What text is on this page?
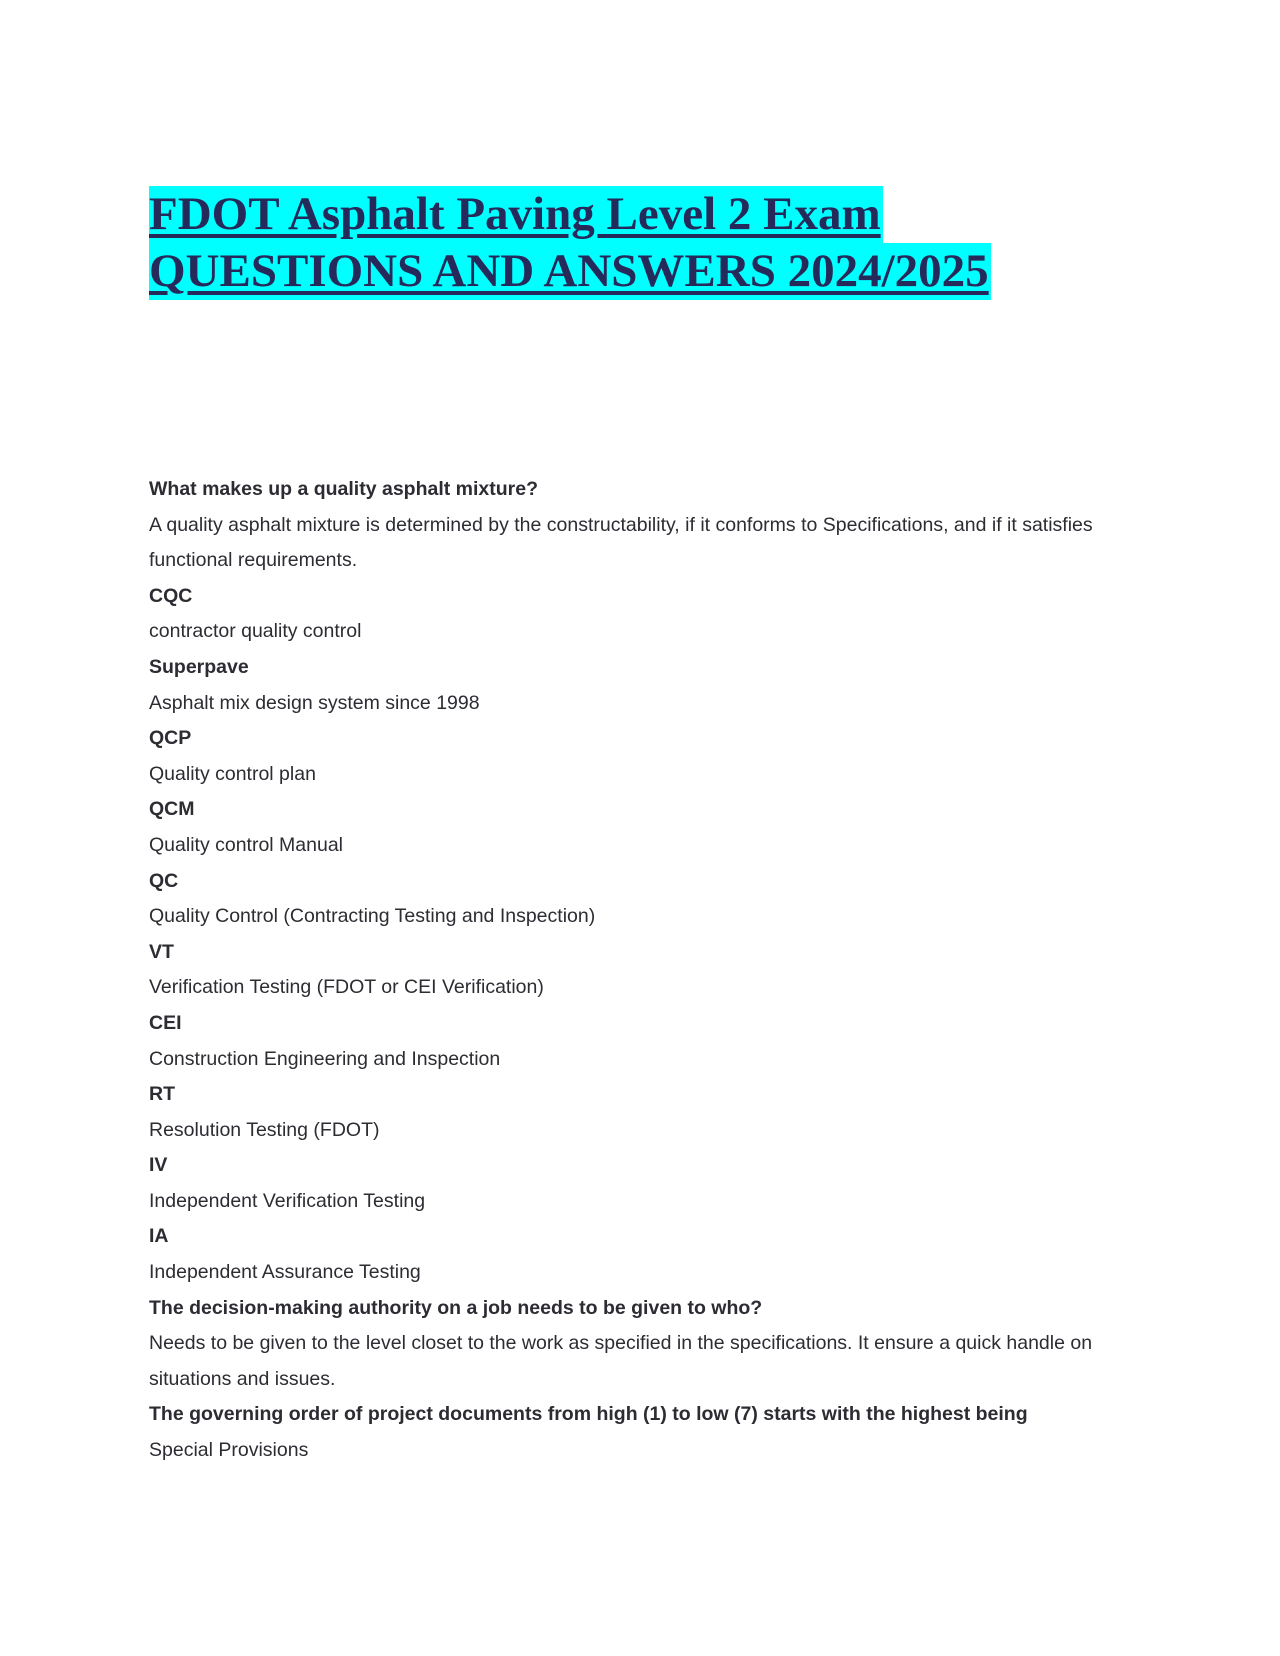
FDOT Asphalt Paving Level 2 Exam
QUESTIONS AND ANSWERS 2024/2025

What makes up a quality asphalt mixture?

A quality asphalt mixture is determined by the constructability, if it conforms to Specifications, and if it satisfies functional requirements.

CQC

contractor quality control

Superpave

Asphalt mix design system since 1998

QCP

Quality control plan

QCM

Quality control Manual

QC

Quality Control (Contracting Testing and Inspection)

VT

Verification Testing (FDOT or CEI Verification)

CEI

Construction Engineering and Inspection

RT

Resolution Testing (FDOT)

IV

Independent Verification Testing

IA

Independent Assurance Testing

The decision-making authority on a job needs to be given to who?

Needs to be given to the level closet to the work as specified in the specifications. It ensure a quick handle on situations and issues.

The governing order of project documents from high (1) to low (7) starts with the highest being

Special Provisions
